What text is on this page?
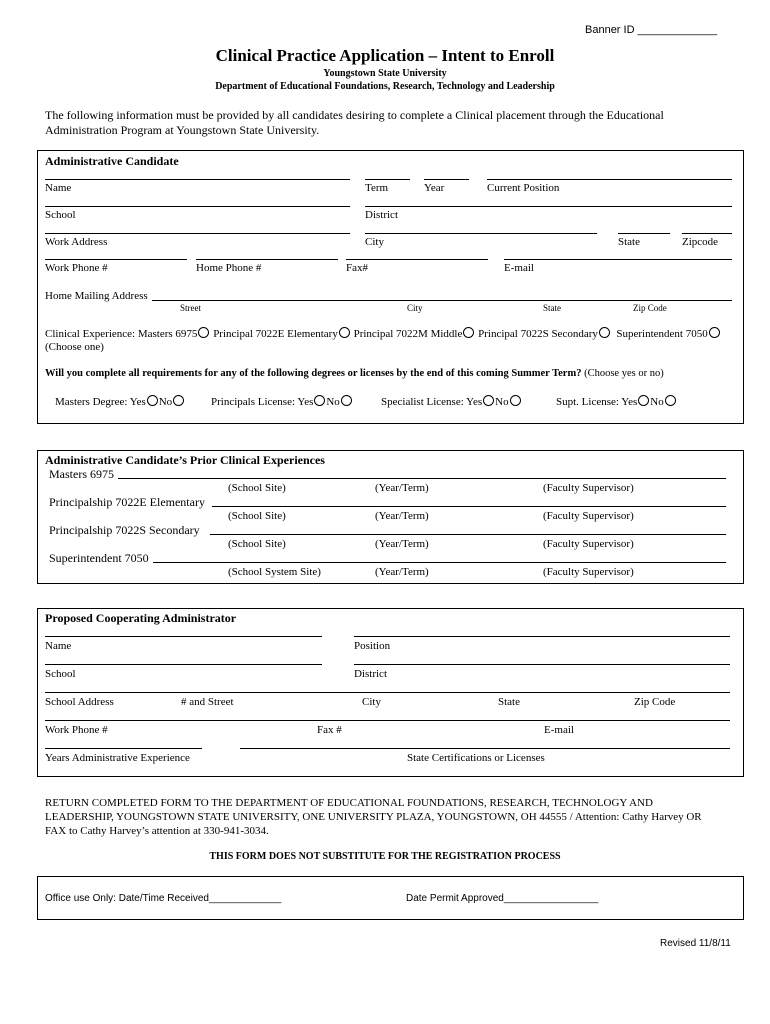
Banner ID _____________
Clinical Practice Application – Intent to Enroll
Youngstown State University
Department of Educational Foundations, Research, Technology and Leadership
The following information must be provided by all candidates desiring to complete a Clinical placement through the Educational
Administration Program at Youngstown State University.
Administrative Candidate
Name	Term	Year	Current Position
School	District
Work Address	City	State	Zipcode
Work Phone #	Home Phone #	Fax#	E-mail
Home Mailing Address
Street	City	State	Zip Code
Clinical Experience: Masters 6975 Principal 7022E Elementary Principal 7022M Middle Principal 7022S Secondary Superintendent 7050
(Choose one)
Will you complete all requirements for any of the following degrees or licenses by the end of this coming Summer Term? (Choose yes or no)
Masters Degree: Yes No	Principals License: Yes No	Specialist License: Yes No	Supt. License: Yes No
Administrative Candidate’s Prior Clinical Experiences
Masters 6975
(School Site)	(Year/Term)	(Faculty Supervisor)
Principalship 7022E Elementary
(School Site)	(Year/Term)	(Faculty Supervisor)
Principalship 7022S Secondary
(School Site)	(Year/Term)	(Faculty Supervisor)
Superintendent 7050
(School System Site)	(Year/Term)	(Faculty Supervisor)
Proposed Cooperating Administrator
Name	Position
School	District
School Address	# and Street	City	State	Zip Code
Work Phone #	Fax #	E-mail
Years Administrative Experience	State Certifications or Licenses
RETURN COMPLETED FORM TO THE DEPARTMENT OF EDUCATIONAL FOUNDATIONS, RESEARCH, TECHNOLOGY AND
LEADERSHIP, YOUNGSTOWN STATE UNIVERSITY, ONE UNIVERSITY PLAZA, YOUNGSTOWN, OH 44555 / Attention: Cathy Harvey OR
FAX to Cathy Harvey’s attention at 330-941-3034.
THIS FORM DOES NOT SUBSTITUTE FOR THE REGISTRATION PROCESS
Office use Only: Date/Time Received_____________	Date Permit Approved_________________
Revised 11/8/11
